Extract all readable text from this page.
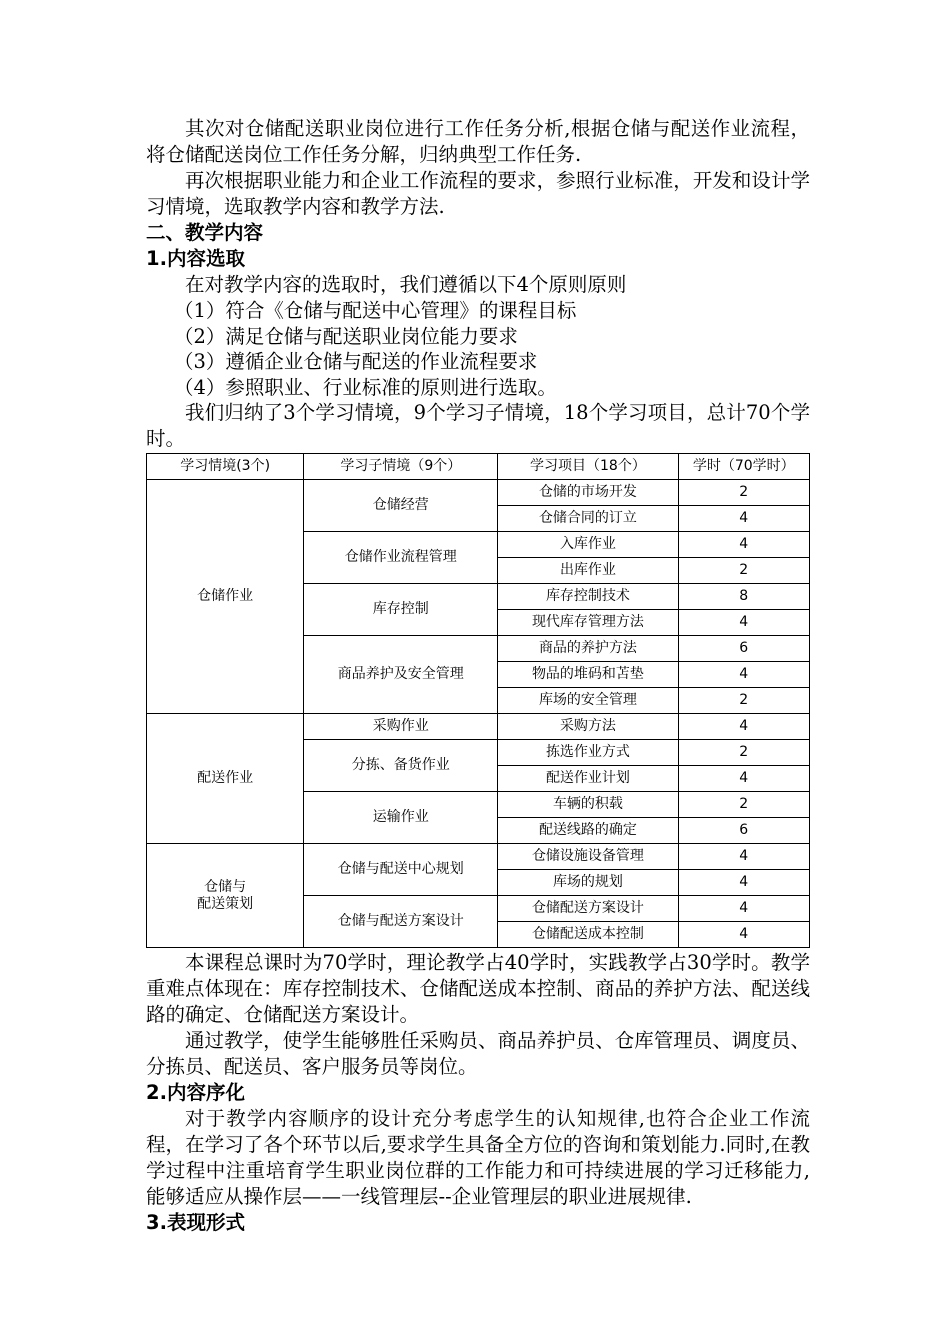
其次对仓储配送职业岗位进行工作任务分析,根据仓储与配送作业流程，将仓储配送岗位工作任务分解，归纳典型工作任务.

再次根据职业能力和企业工作流程的要求，参照行业标准，开发和设计学习情境，选取教学内容和教学方法.

二、教学内容

1.内容选取

在对教学内容的选取时，我们遵循以下4个原则原则

（1）符合《仓储与配送中心管理》的课程目标

（2）满足仓储与配送职业岗位能力要求

（3）遵循企业仓储与配送的作业流程要求

（4）参照职业、行业标准的原则进行选取。

我们归纳了3个学习情境，9个学习子情境，18个学习项目，总计70个学时。

学习情境(3个)	学习子情境（9个）	学习项目（18个）	学时（70学时）
仓储作业	仓储经营	仓储的市场开发	2
		仓储合同的订立	4
	仓储作业流程管理	入库作业	4
		出库作业	2
	库存控制	库存控制技术	8
		现代库存管理方法	4
	商品养护及安全管理	商品的养护方法	6
		物品的堆码和苫垫	4
		库场的安全管理	2
配送作业	采购作业	采购方法	4
	分拣、备货作业	拣选作业方式	2
		配送作业计划	4
	运输作业	车辆的积载	2
		配送线路的确定	6
仓储与
配送策划	仓储与配送中心规划	仓储设施设备管理	4
		库场的规划	4
	仓储与配送方案设计	仓储配送方案设计	4
		仓储配送成本控制	4

本课程总课时为70学时，理论教学占40学时，实践教学占30学时。教学重难点体现在：库存控制技术、仓储配送成本控制、商品的养护方法、配送线路的确定、仓储配送方案设计。

通过教学，使学生能够胜任采购员、商品养护员、仓库管理员、调度员、分拣员、配送员、客户服务员等岗位。

2.内容序化

对于教学内容顺序的设计充分考虑学生的认知规律,也符合企业工作流程，在学习了各个环节以后,要求学生具备全方位的咨询和策划能力.同时,在教学过程中注重培育学生职业岗位群的工作能力和可持续进展的学习迁移能力,能够适应从操作层——一线管理层--企业管理层的职业进展规律.

3.表现形式
